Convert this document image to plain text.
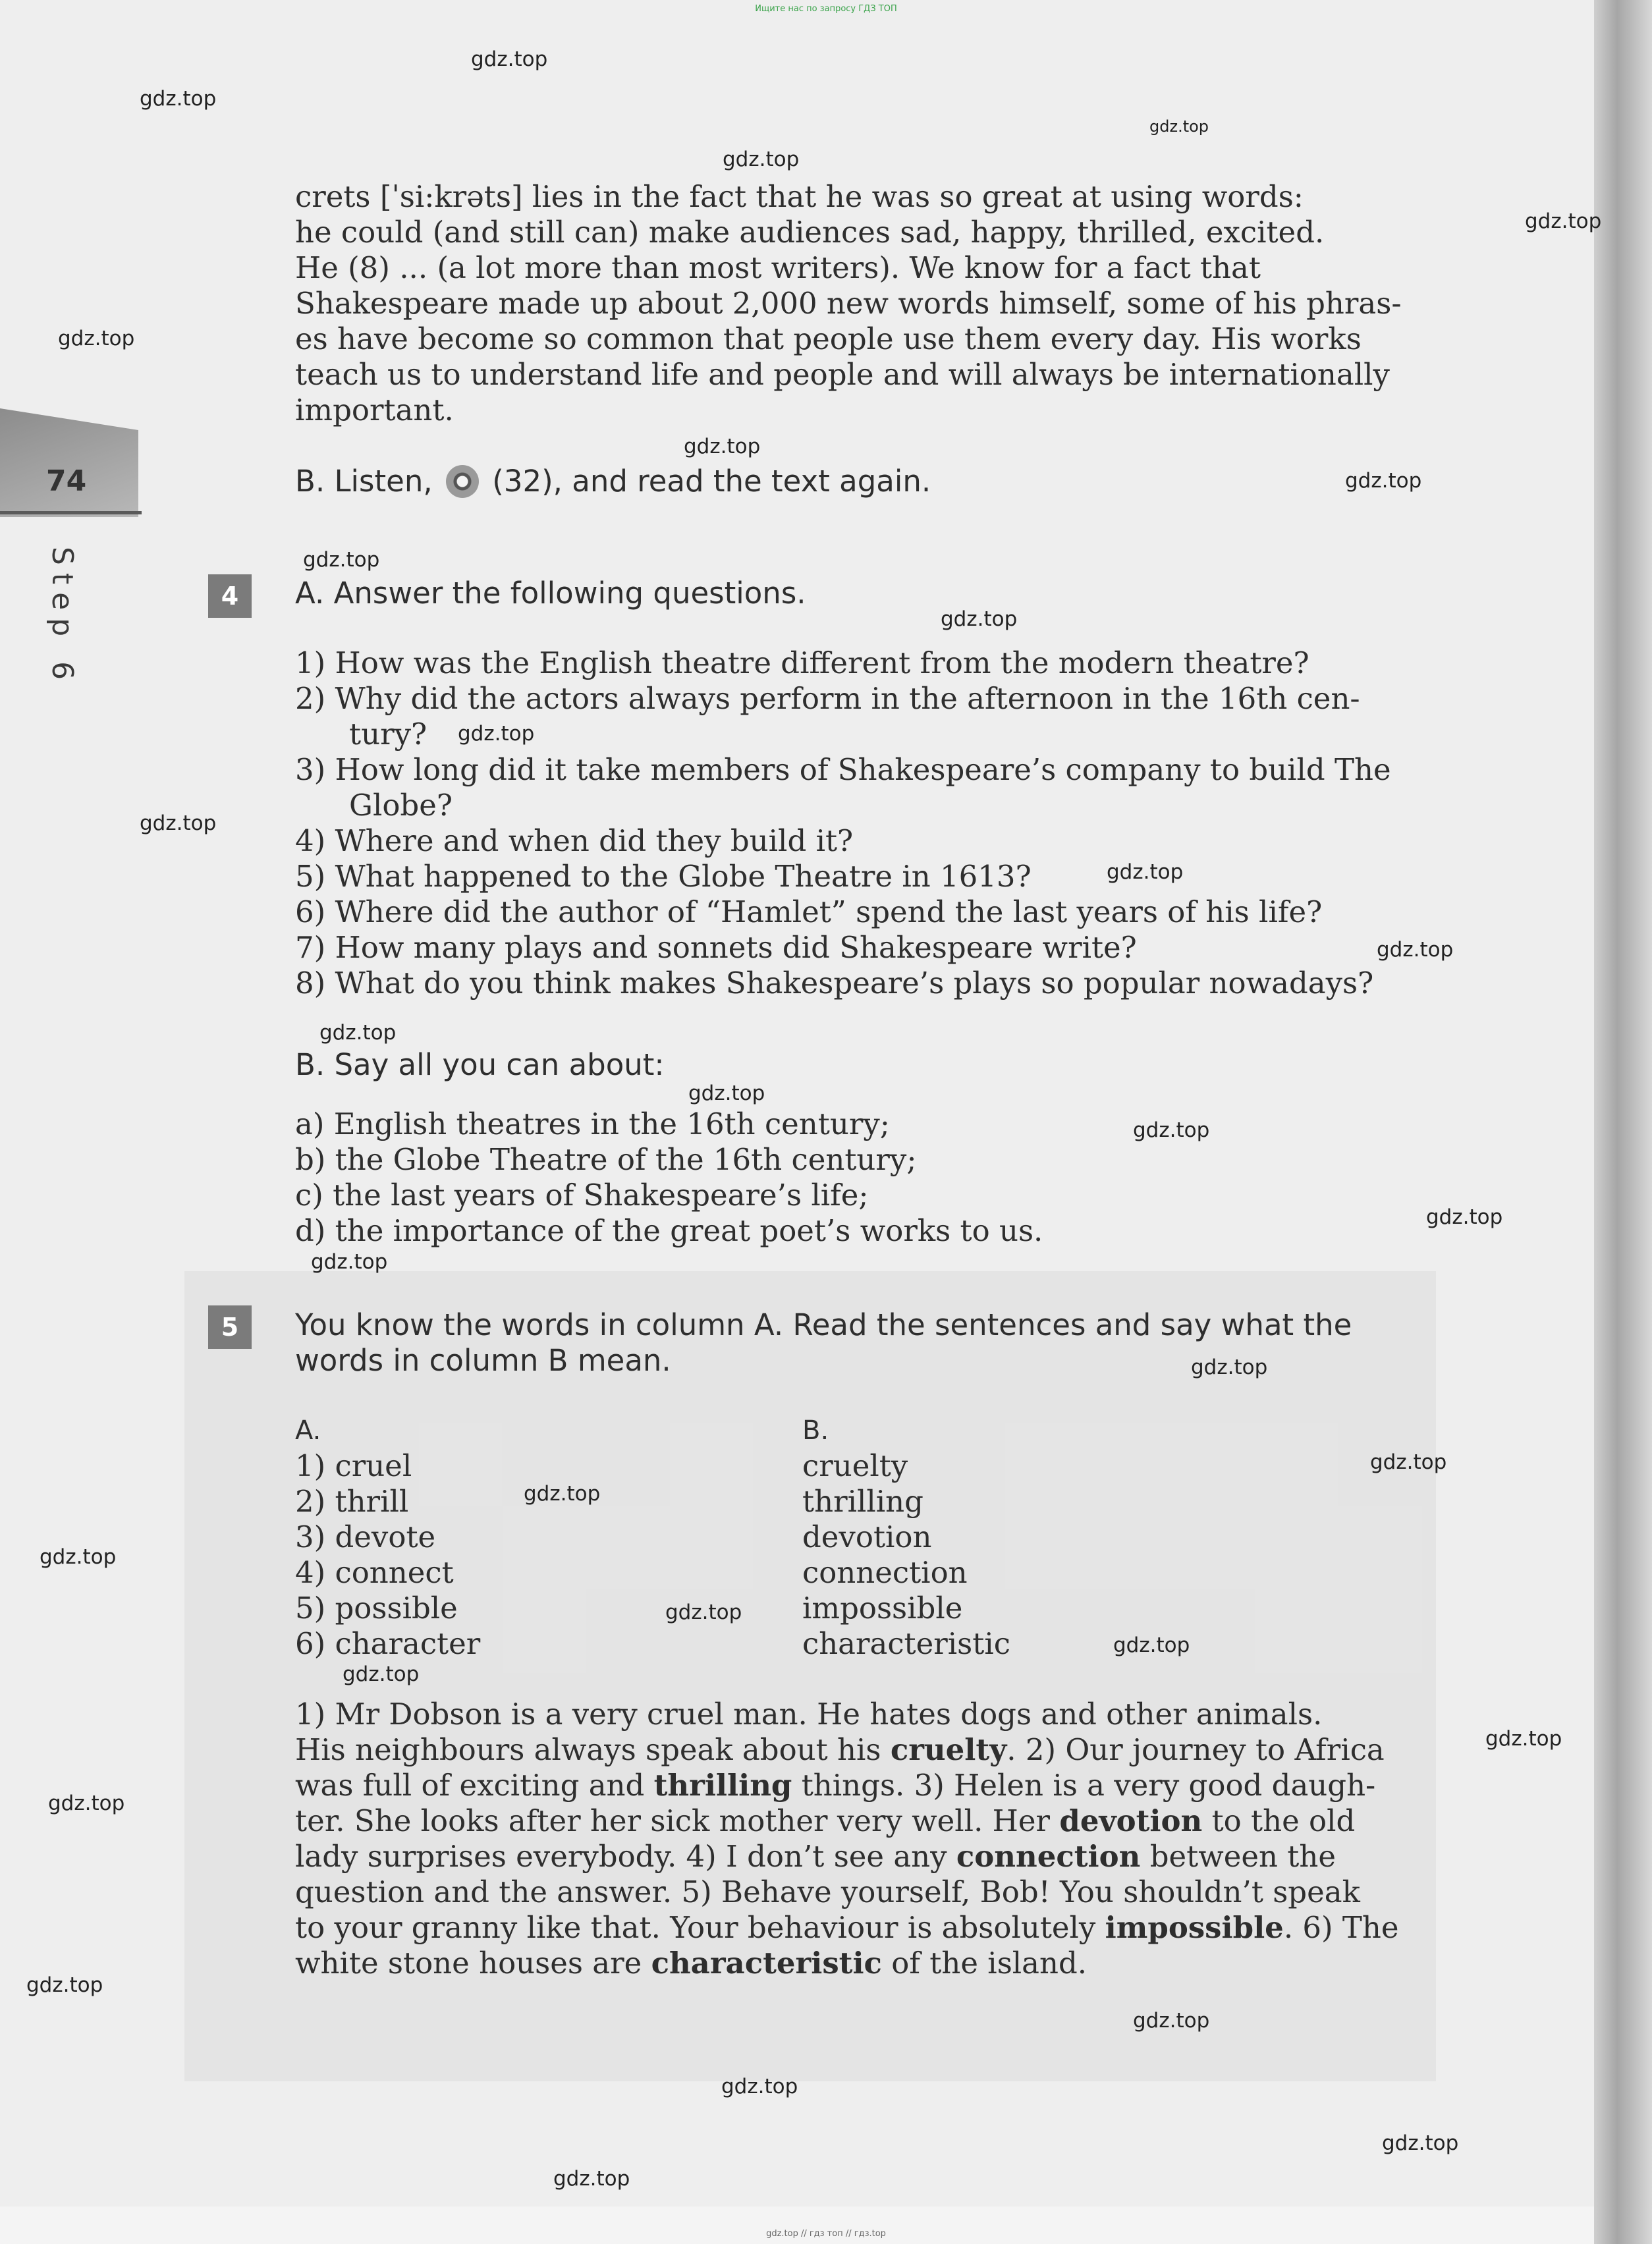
Ищите нас по запросу ГДЗ ТОП
gdz.top // гдз топ // гдз.top
74
Step 6
crets [ˈsi:krəts] lies in the fact that he was so great at using words:
he could (and still can) make audiences sad, happy, thrilled, excited.
He (8) ... (a lot more than most writers). We know for a fact that
Shakespeare made up about 2,000 new words himself, some of his phras-
es have become so common that people use them every day. His works
teach us to understand life and people and will always be internationally
important.
B. Listen, (32), and read the text again.
4	A. Answer the following questions.
1) How was the English theatre different from the modern theatre?
2) Why did the actors always perform in the afternoon in the 16th cen-
tury?
3) How long did it take members of Shakespeare’s company to build The
Globe?
4) Where and when did they build it?
5) What happened to the Globe Theatre in 1613?
6) Where did the author of “Hamlet” spend the last years of his life?
7) How many plays and sonnets did Shakespeare write?
8) What do you think makes Shakespeare’s plays so popular nowadays?
B. Say all you can about:
a) English theatres in the 16th century;
b) the Globe Theatre of the 16th century;
c) the last years of Shakespeare’s life;
d) the importance of the great poet’s works to us.
5	You know the words in column A. Read the sentences and say what the
words in column B mean.
A.
1) cruel
2) thrill
3) devote
4) connect
5) possible
6) character
B.
cruelty
thrilling
devotion
connection
impossible
characteristic
1) Mr Dobson is a very cruel man. He hates dogs and other animals.
His neighbours always speak about his cruelty. 2) Our journey to Africa
was full of exciting and thrilling things. 3) Helen is a very good daugh-
ter. She looks after her sick mother very well. Her devotion to the old
lady surprises everybody. 4) I don’t see any connection between the
question and the answer. 5) Behave yourself, Bob! You shouldn’t speak
to your granny like that. Your behaviour is absolutely impossible. 6) The
white stone houses are characteristic of the island.
gdz.top
gdz.top
gdz.top
gdz.top
gdz.top
gdz.top
gdz.top
gdz.top
gdz.top
gdz.top
gdz.top
gdz.top
gdz.top
gdz.top
gdz.top
gdz.top
gdz.top
gdz.top
gdz.top
gdz.top
gdz.top
gdz.top
gdz.top
gdz.top
gdz.top
gdz.top
gdz.top
gdz.top
gdz.top
gdz.top
gdz.top
gdz.top
gdz.top
